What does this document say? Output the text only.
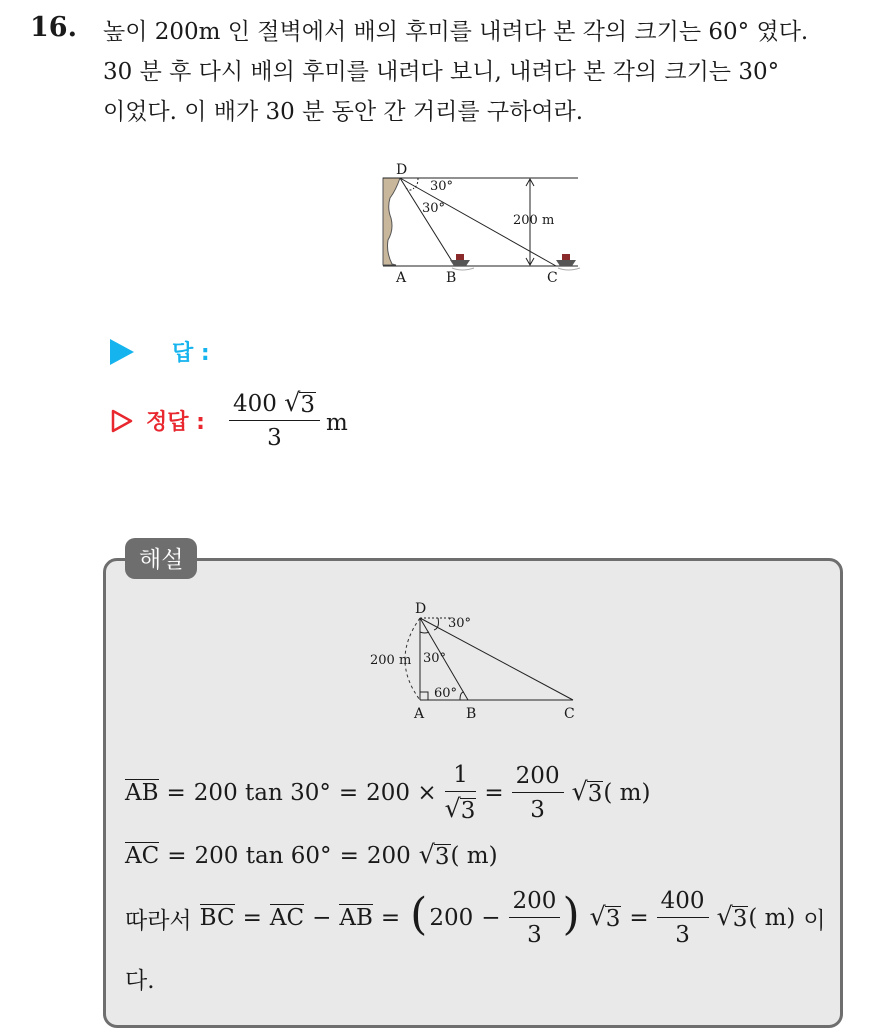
16. 높이 200m 인 절벽에서 배의 후미를 내려다 본 각의 크기는 60° 였다.
30 분 후 다시 배의 후미를 내려다 보니, 내려다 본 각의 크기는 30°
이었다. 이 배가 30 분 동안 간 거리를 구하여라.
D
30°
30°
200 m
A	B	C
답 :
정답 : $\frac{400 √ 3}{3}$ m
해설
D
30°
30°
60°
200 m
A	B	C
AB = 200 $\tan 30^\circ = 200 \times \frac{1}{√ 3} = \frac{200}{3}$ √ 3 ( m)
AC = 200 tan 60° = 200 √ 3 ( m)
따라서 BC = AC − AB = ( $200 - \frac{200}{3}$ ) √ $3 = \frac{400}{3}$ √ 3 ( m) 이
다.
